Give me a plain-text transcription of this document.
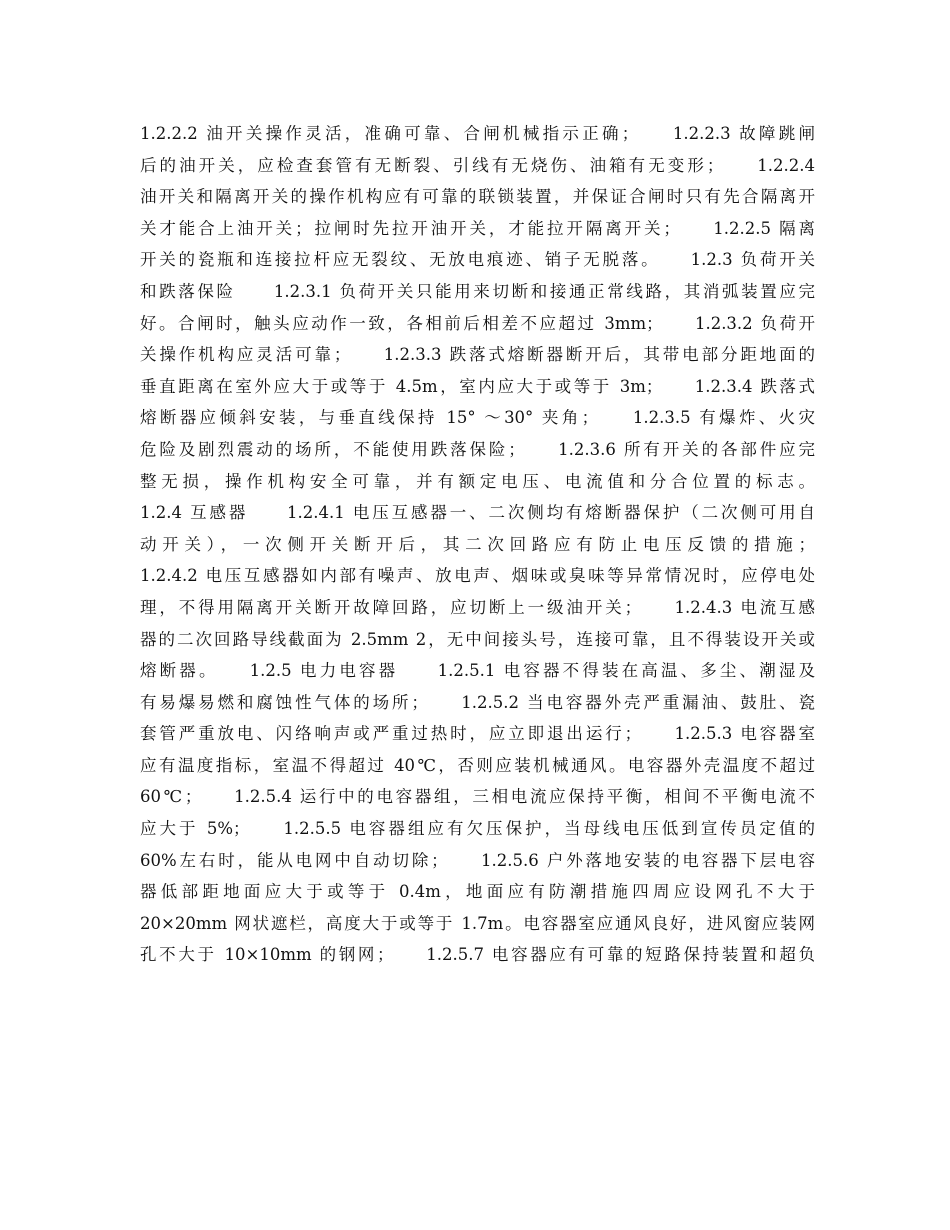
1.2.2.2 油开关操作灵活，准确可靠、合闸机械指示正确；　　1.2.2.3 故障跳闸
后的油开关，应检查套管有无断裂、引线有无烧伤、油箱有无变形；　　1.2.2.4
油开关和隔离开关的操作机构应有可靠的联锁装置，并保证合闸时只有先合隔离开
关才能合上油开关；拉闸时先拉开油开关，才能拉开隔离开关；　　1.2.2.5 隔离
开关的瓷瓶和连接拉杆应无裂纹、无放电痕迹、销子无脱落。　　1.2.3 负荷开关
和跌落保险　　1.2.3.1 负荷开关只能用来切断和接通正常线路，其消弧装置应完
好。合闸时，触头应动作一致，各相前后相差不应超过 3mm；　　1.2.3.2 负荷开
关操作机构应灵活可靠；　　1.2.3.3 跌落式熔断器断开后，其带电部分距地面的
垂直距离在室外应大于或等于 4.5m，室内应大于或等于 3m；　　1.2.3.4 跌落式
熔断器应倾斜安装，与垂直线保持 15° ～30° 夹角；　　1.2.3.5 有爆炸、火灾
危险及剧烈震动的场所，不能使用跌落保险；　　1.2.3.6 所有开关的各部件应完
整无损，操作机构安全可靠，并有额定电压、电流值和分合位置的标志。
1.2.4 互感器　　1.2.4.1 电压互感器一、二次侧均有熔断器保护（二次侧可用自
动开关），一次侧开关断开后，其二次回路应有防止电压反馈的措施；
1.2.4.2 电压互感器如内部有噪声、放电声、烟味或臭味等异常情况时，应停电处
理，不得用隔离开关断开故障回路，应切断上一级油开关；　　1.2.4.3 电流互感
器的二次回路导线截面为 2.5mm 2，无中间接头号，连接可靠，且不得装设开关或
熔断器。　　1.2.5 电力电容器　　1.2.5.1 电容器不得装在高温、多尘、潮湿及
有易爆易燃和腐蚀性气体的场所；　　1.2.5.2 当电容器外壳严重漏油、鼓肚、瓷
套管严重放电、闪络响声或严重过热时，应立即退出运行；　　1.2.5.3 电容器室
应有温度指标，室温不得超过 40℃，否则应装机械通风。电容器外壳温度不超过
60℃；　　1.2.5.4 运行中的电容器组，三相电流应保持平衡，相间不平衡电流不
应大于 5%；　　1.2.5.5 电容器组应有欠压保护，当母线电压低到宣传员定值的
60%左右时，能从电网中自动切除；　　1.2.5.6 户外落地安装的电容器下层电容
器低部距地面应大于或等于 0.4m，地面应有防潮措施四周应设网孔不大于
20×20mm 网状遮栏，高度大于或等于 1.7m。电容器室应通风良好，进风窗应装网
孔不大于 10×10mm 的钢网；　　1.2.5.7 电容器应有可靠的短路保持装置和超负
